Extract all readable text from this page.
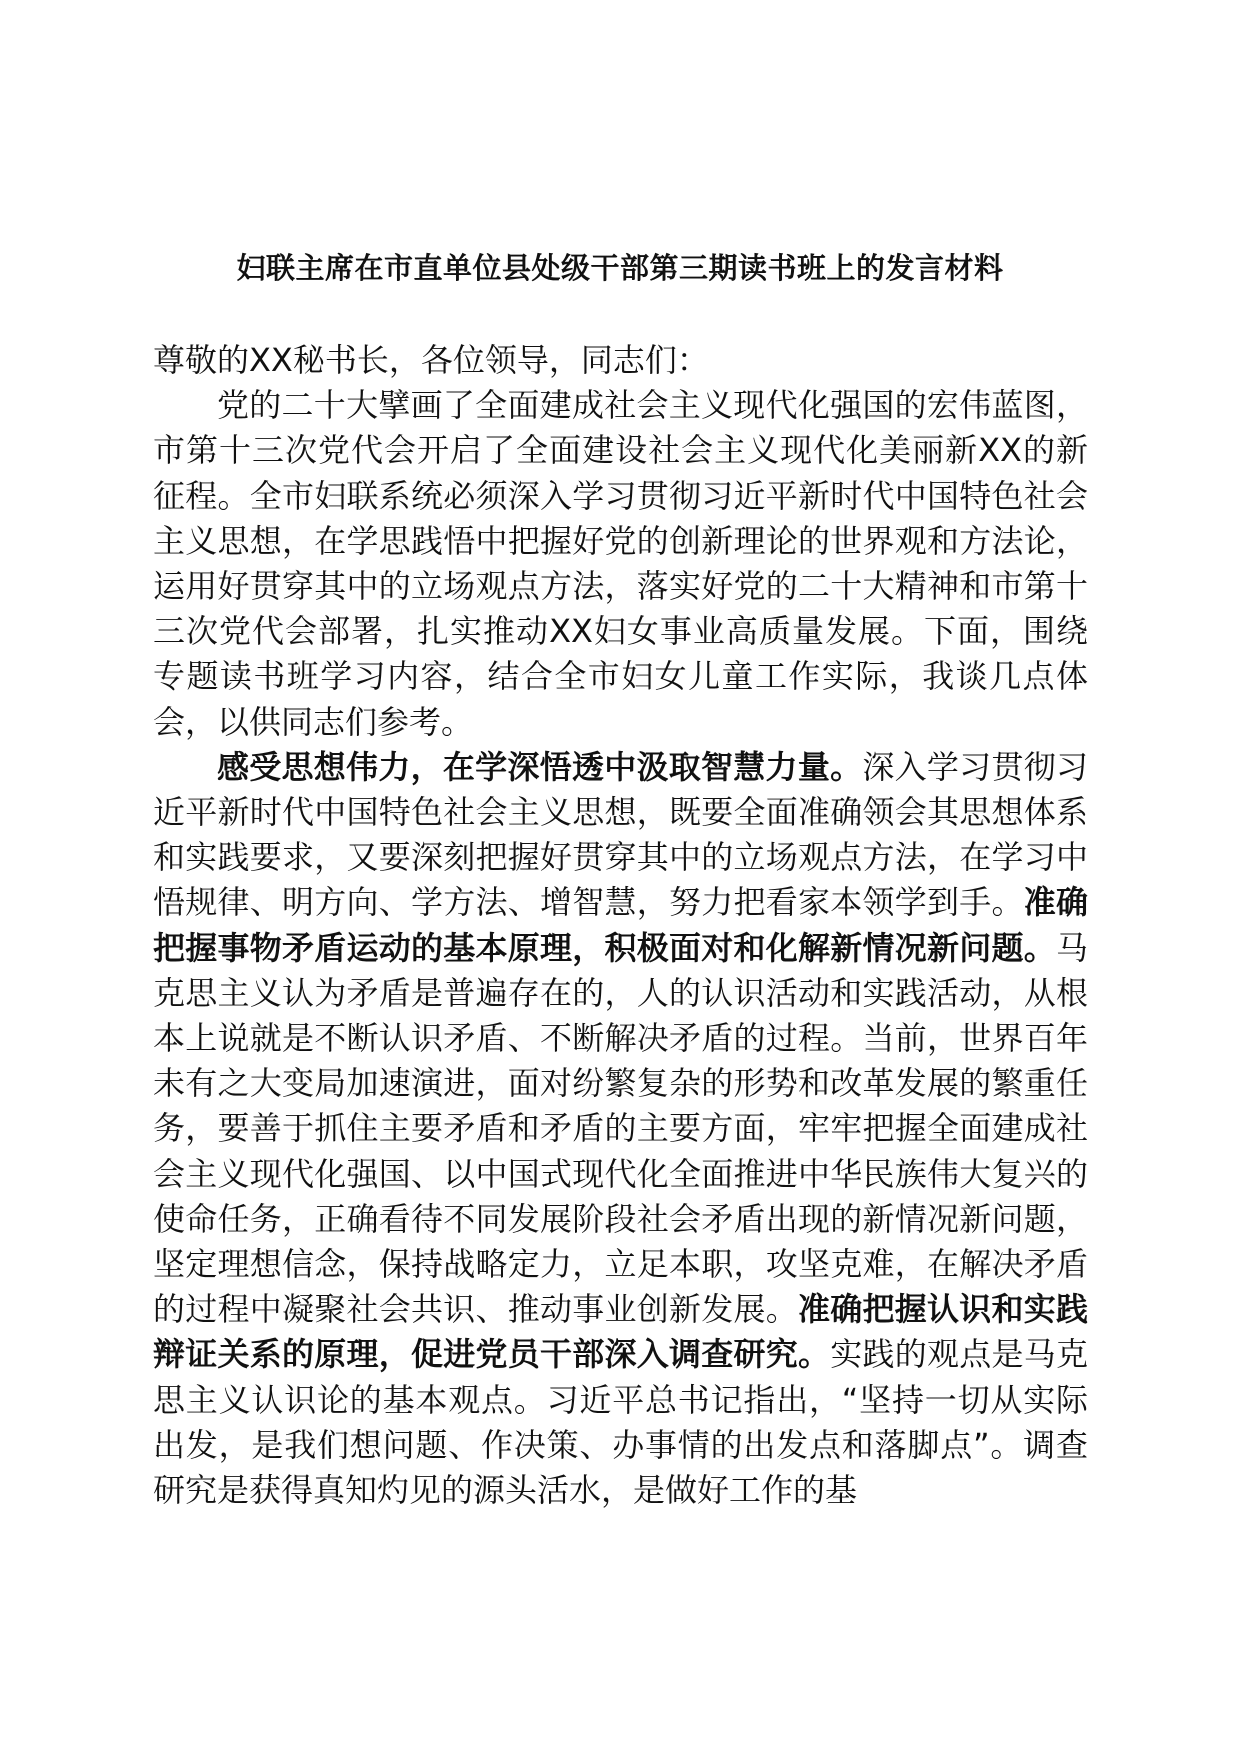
妇联主席在市直单位县处级干部第三期读书班上的发言材料

尊敬的XX秘书长，各位领导，同志们：

党的二十大擘画了全面建成社会主义现代化强国的宏伟蓝图，市第十三次党代会开启了全面建设社会主义现代化美丽新XX的新征程。全市妇联系统必须深入学习贯彻习近平新时代中国特色社会主义思想，在学思践悟中把握好党的创新理论的世界观和方法论，运用好贯穿其中的立场观点方法，落实好党的二十大精神和市第十三次党代会部署，扎实推动XX妇女事业高质量发展。下面，围绕专题读书班学习内容，结合全市妇女儿童工作实际，我谈几点体会，以供同志们参考。

感受思想伟力，在学深悟透中汲取智慧力量。深入学习贯彻习近平新时代中国特色社会主义思想，既要全面准确领会其思想体系和实践要求，又要深刻把握好贯穿其中的立场观点方法，在学习中悟规律、明方向、学方法、增智慧，努力把看家本领学到手。准确把握事物矛盾运动的基本原理，积极面对和化解新情况新问题。马克思主义认为矛盾是普遍存在的，人的认识活动和实践活动，从根本上说就是不断认识矛盾、不断解决矛盾的过程。当前，世界百年未有之大变局加速演进，面对纷繁复杂的形势和改革发展的繁重任务，要善于抓住主要矛盾和矛盾的主要方面，牢牢把握全面建成社会主义现代化强国、以中国式现代化全面推进中华民族伟大复兴的使命任务，正确看待不同发展阶段社会矛盾出现的新情况新问题，坚定理想信念，保持战略定力，立足本职，攻坚克难，在解决矛盾的过程中凝聚社会共识、推动事业创新发展。准确把握认识和实践辩证关系的原理，促进党员干部深入调查研究。实践的观点是马克思主义认识论的基本观点。习近平总书记指出，“坚持一切从实际出发，是我们想问题、作决策、办事情的出发点和落脚点”。调查研究是获得真知灼见的源头活水，是做好工作的基
